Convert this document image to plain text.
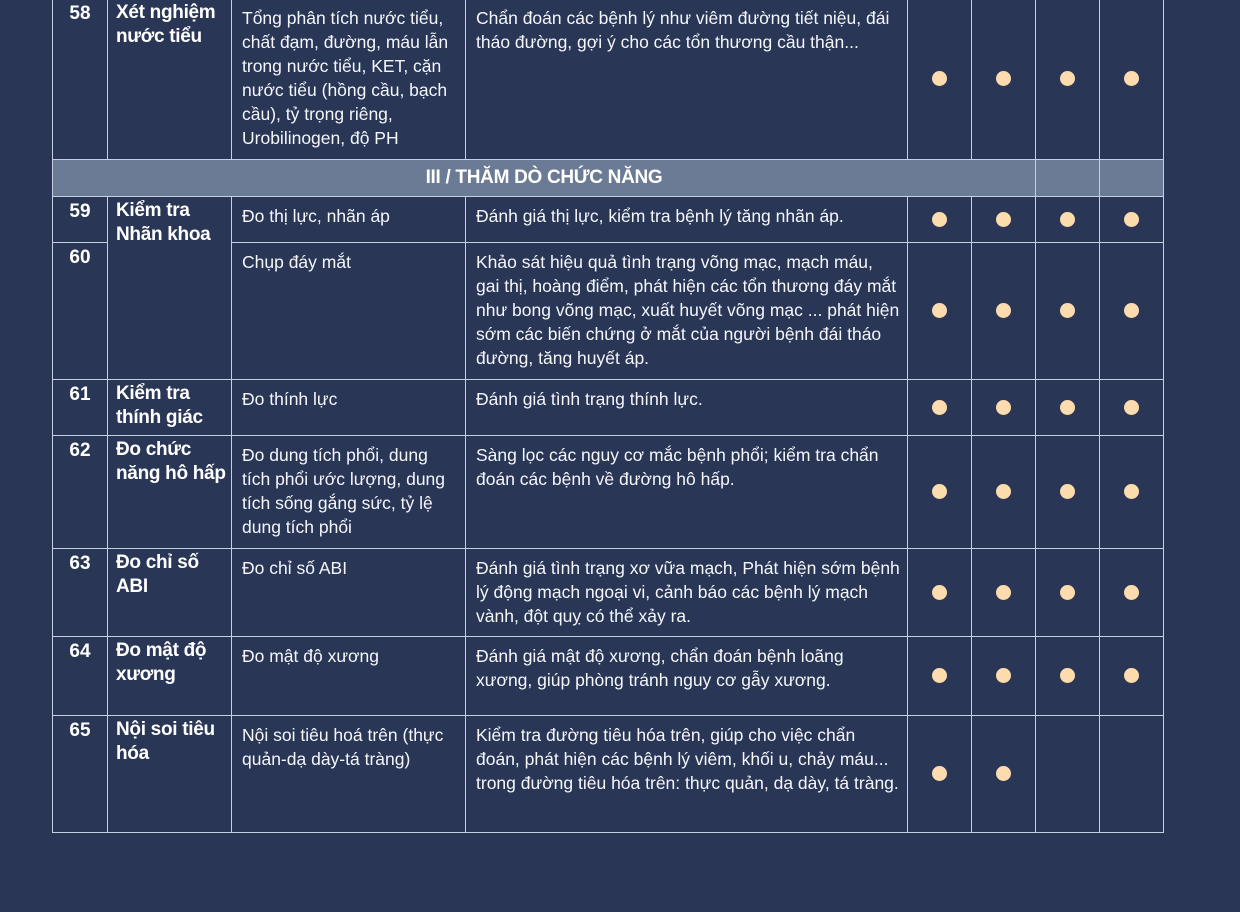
58	Xét nghiệm nước tiểu	Tổng phân tích nước tiểu, chất đạm, đường, máu lẫn trong nước tiểu, KET, cặn nước tiểu (hồng cầu, bạch cầu), tỷ trọng riêng, Urobilinogen, độ PH	Chẩn đoán các bệnh lý như viêm đường tiết niệu, đái tháo đường, gợi ý cho các tổn thương cầu thận...				
III / THĂM DÒ CHỨC NĂNG							
59	Kiểm tra Nhãn khoa	Đo thị lực, nhãn áp	Đánh giá thị lực, kiểm tra bệnh lý tăng nhãn áp.				
60		Chụp đáy mắt	Khảo sát hiệu quả tình trạng võng mạc, mạch máu, gai thị, hoàng điểm, phát hiện các tổn thương đáy mắt như bong võng mạc, xuất huyết võng mạc ... phát hiện sớm các biến chứng ở mắt của người bệnh đái tháo đường, tăng huyết áp.				
61	Kiểm tra thính giác	Đo thính lực	Đánh giá tình trạng thính lực.				
62	Đo chức năng hô hấp	Đo dung tích phổi, dung tích phổi ước lượng, dung tích sống gắng sức, tỷ lệ dung tích phổi	Sàng lọc các nguy cơ mắc bệnh phổi; kiểm tra chẩn đoán các bệnh về đường hô hấp.				
63	Đo chỉ số ABI	Đo chỉ số ABI	Đánh giá tình trạng xơ vữa mạch, Phát hiện sớm bệnh lý động mạch ngoại vi, cảnh báo các bệnh lý mạch vành, đột quỵ có thể xảy ra.				
64	Đo mật độ xương	Đo mật độ xương	Đánh giá mật độ xương, chẩn đoán bệnh loãng xương, giúp phòng tránh nguy cơ gẫy xương.				
65	Nội soi tiêu hóa	Nội soi tiêu hoá trên (thực quản-dạ dày-tá tràng)	Kiểm tra đường tiêu hóa trên, giúp cho việc chẩn đoán, phát hiện các bệnh lý viêm, khối u, chảy máu... trong đường tiêu hóa trên: thực quản, dạ dày, tá tràng.				
